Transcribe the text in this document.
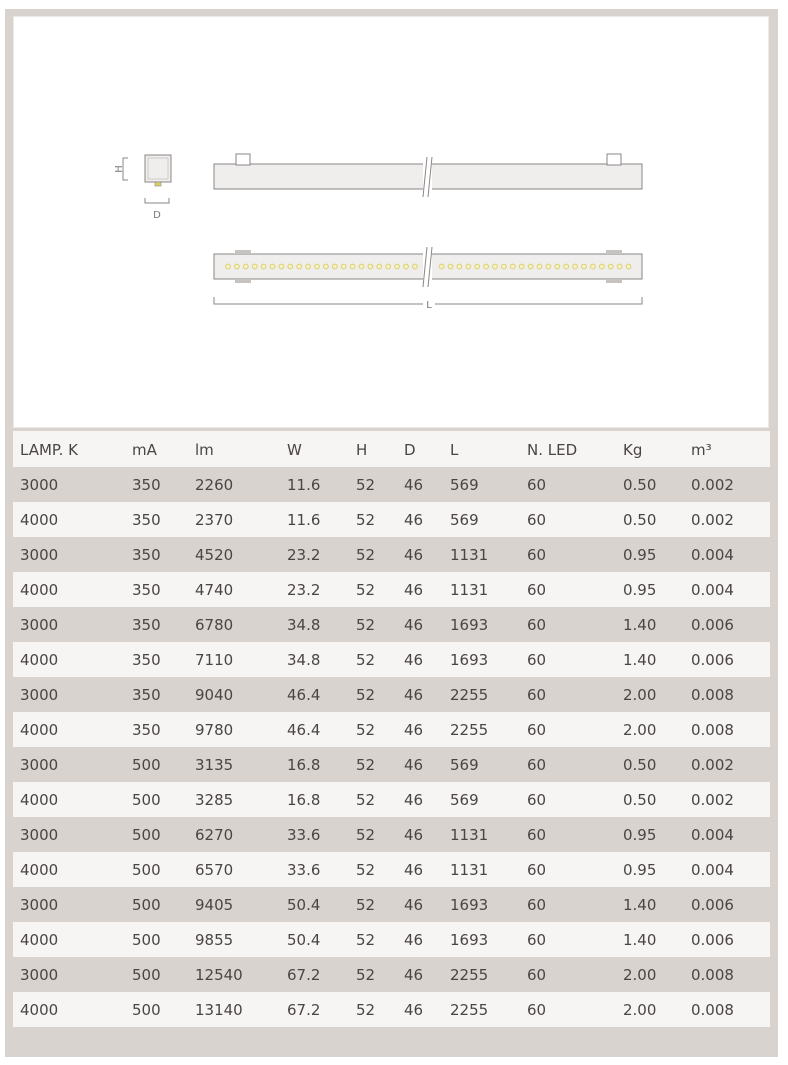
H
D
L
LAMP. K	mA	lm	W	H	D	L	N. LED	Kg	m³
3000	350	2260	11.6	52	46	569	60	0.50	0.002
4000	350	2370	11.6	52	46	569	60	0.50	0.002
3000	350	4520	23.2	52	46	1131	60	0.95	0.004
4000	350	4740	23.2	52	46	1131	60	0.95	0.004
3000	350	6780	34.8	52	46	1693	60	1.40	0.006
4000	350	7110	34.8	52	46	1693	60	1.40	0.006
3000	350	9040	46.4	52	46	2255	60	2.00	0.008
4000	350	9780	46.4	52	46	2255	60	2.00	0.008
3000	500	3135	16.8	52	46	569	60	0.50	0.002
4000	500	3285	16.8	52	46	569	60	0.50	0.002
3000	500	6270	33.6	52	46	1131	60	0.95	0.004
4000	500	6570	33.6	52	46	1131	60	0.95	0.004
3000	500	9405	50.4	52	46	1693	60	1.40	0.006
4000	500	9855	50.4	52	46	1693	60	1.40	0.006
3000	500	12540	67.2	52	46	2255	60	2.00	0.008
4000	500	13140	67.2	52	46	2255	60	2.00	0.008
